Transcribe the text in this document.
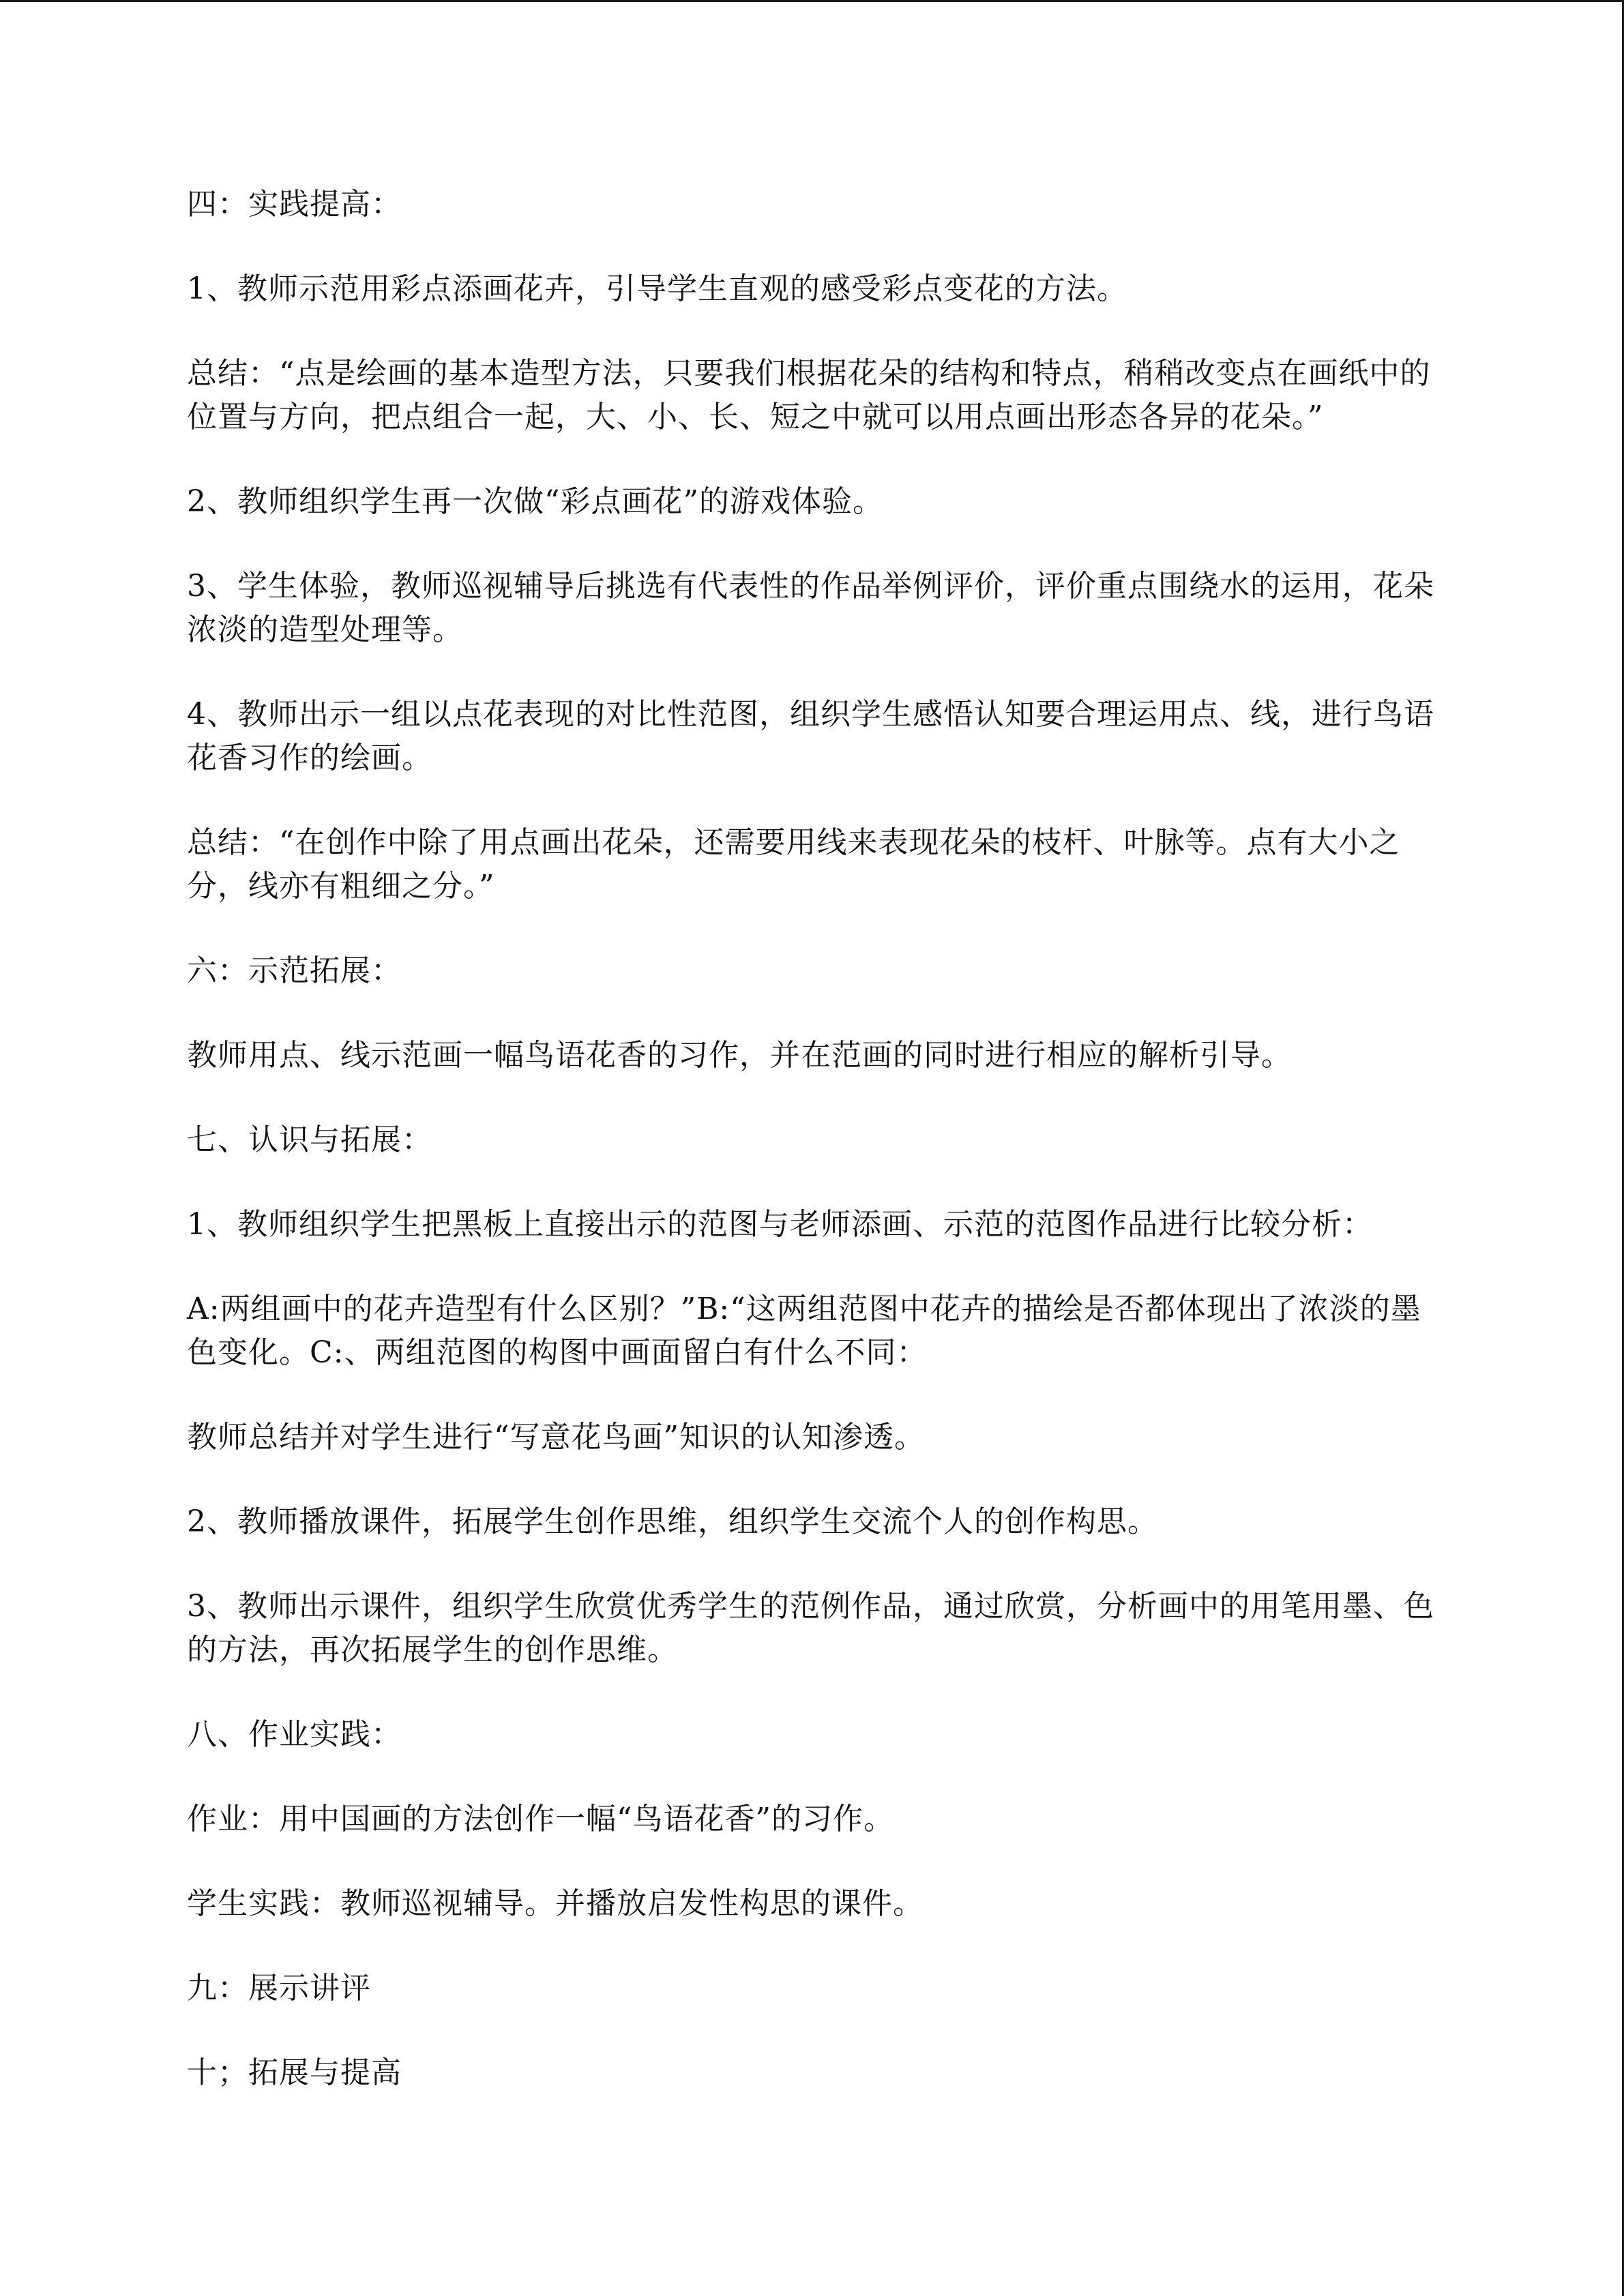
四：实践提高：

1、教师示范用彩点添画花卉，引导学生直观的感受彩点变花的方法。

总结：“点是绘画的基本造型方法，只要我们根据花朵的结构和特点，稍稍改变点在画纸中的位置与方向，把点组合一起，大、小、长、短之中就可以用点画出形态各异的花朵。”

2、教师组织学生再一次做“彩点画花”的游戏体验。

3、学生体验，教师巡视辅导后挑选有代表性的作品举例评价，评价重点围绕水的运用，花朵浓淡的造型处理等。

4、教师出示一组以点花表现的对比性范图，组织学生感悟认知要合理运用点、线，进行鸟语花香习作的绘画。

总结：“在创作中除了用点画出花朵，还需要用线来表现花朵的枝杆、叶脉等。点有大小之分，线亦有粗细之分。”

六：示范拓展：

教师用点、线示范画一幅鸟语花香的习作，并在范画的同时进行相应的解析引导。

七、认识与拓展：

1、教师组织学生把黑板上直接出示的范图与老师添画、示范的范图作品进行比较分析：

A:两组画中的花卉造型有什么区别？”B:“这两组范图中花卉的描绘是否都体现出了浓淡的墨色变化。C:、两组范图的构图中画面留白有什么不同：

教师总结并对学生进行“写意花鸟画”知识的认知渗透。

2、教师播放课件，拓展学生创作思维，组织学生交流个人的创作构思。

3、教师出示课件，组织学生欣赏优秀学生的范例作品，通过欣赏，分析画中的用笔用墨、色的方法，再次拓展学生的创作思维。

八、作业实践：

作业：用中国画的方法创作一幅“鸟语花香”的习作。

学生实践：教师巡视辅导。并播放启发性构思的课件。

九：展示讲评

十；拓展与提高
